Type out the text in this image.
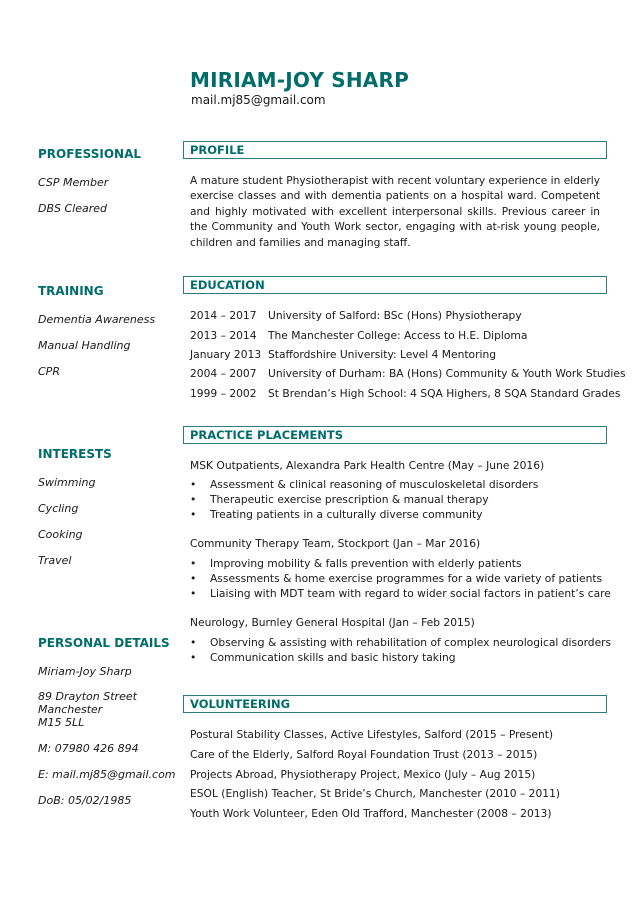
MIRIAM-JOY SHARP
mail.mj85@gmail.com
PROFESSIONAL
CSP Member
DBS Cleared
TRAINING
Dementia Awareness
Manual Handling
CPR
INTERESTS
Swimming
Cycling
Cooking
Travel
PERSONAL DETAILS
Miriam-Joy Sharp
89 Drayton Street
Manchester
M15 5LL
M: 07980 426 894
E: mail.mj85@gmail.com
DoB: 05/02/1985
PROFILE
A mature student Physiotherapist with recent voluntary experience in elderly exercise classes and with dementia patients on a hospital ward. Competent and highly motivated with excellent interpersonal skills. Previous career in the Community and Youth Work sector, engaging with at-risk young people, children and families and managing staff.
EDUCATION
2014 – 2017 University of Salford: BSc (Hons) Physiotherapy
2013 – 2014 The Manchester College: Access to H.E. Diploma
January 2013 Staffordshire University: Level 4 Mentoring
2004 – 2007 University of Durham: BA (Hons) Community & Youth Work Studies
1999 – 2002 St Brendan’s High School: 4 SQA Highers, 8 SQA Standard Grades
PRACTICE PLACEMENTS
MSK Outpatients, Alexandra Park Health Centre (May – June 2016)
• Assessment & clinical reasoning of musculoskeletal disorders
• Therapeutic exercise prescription & manual therapy
• Treating patients in a culturally diverse community
Community Therapy Team, Stockport (Jan – Mar 2016)
• Improving mobility & falls prevention with elderly patients
• Assessments & home exercise programmes for a wide variety of patients
• Liaising with MDT team with regard to wider social factors in patient’s care
Neurology, Burnley General Hospital (Jan – Feb 2015)
• Observing & assisting with rehabilitation of complex neurological disorders
• Communication skills and basic history taking
VOLUNTEERING
Postural Stability Classes, Active Lifestyles, Salford (2015 – Present)
Care of the Elderly, Salford Royal Foundation Trust (2013 – 2015)
Projects Abroad, Physiotherapy Project, Mexico (July – Aug 2015)
ESOL (English) Teacher, St Bride’s Church, Manchester (2010 – 2011)
Youth Work Volunteer, Eden Old Trafford, Manchester (2008 – 2013)
